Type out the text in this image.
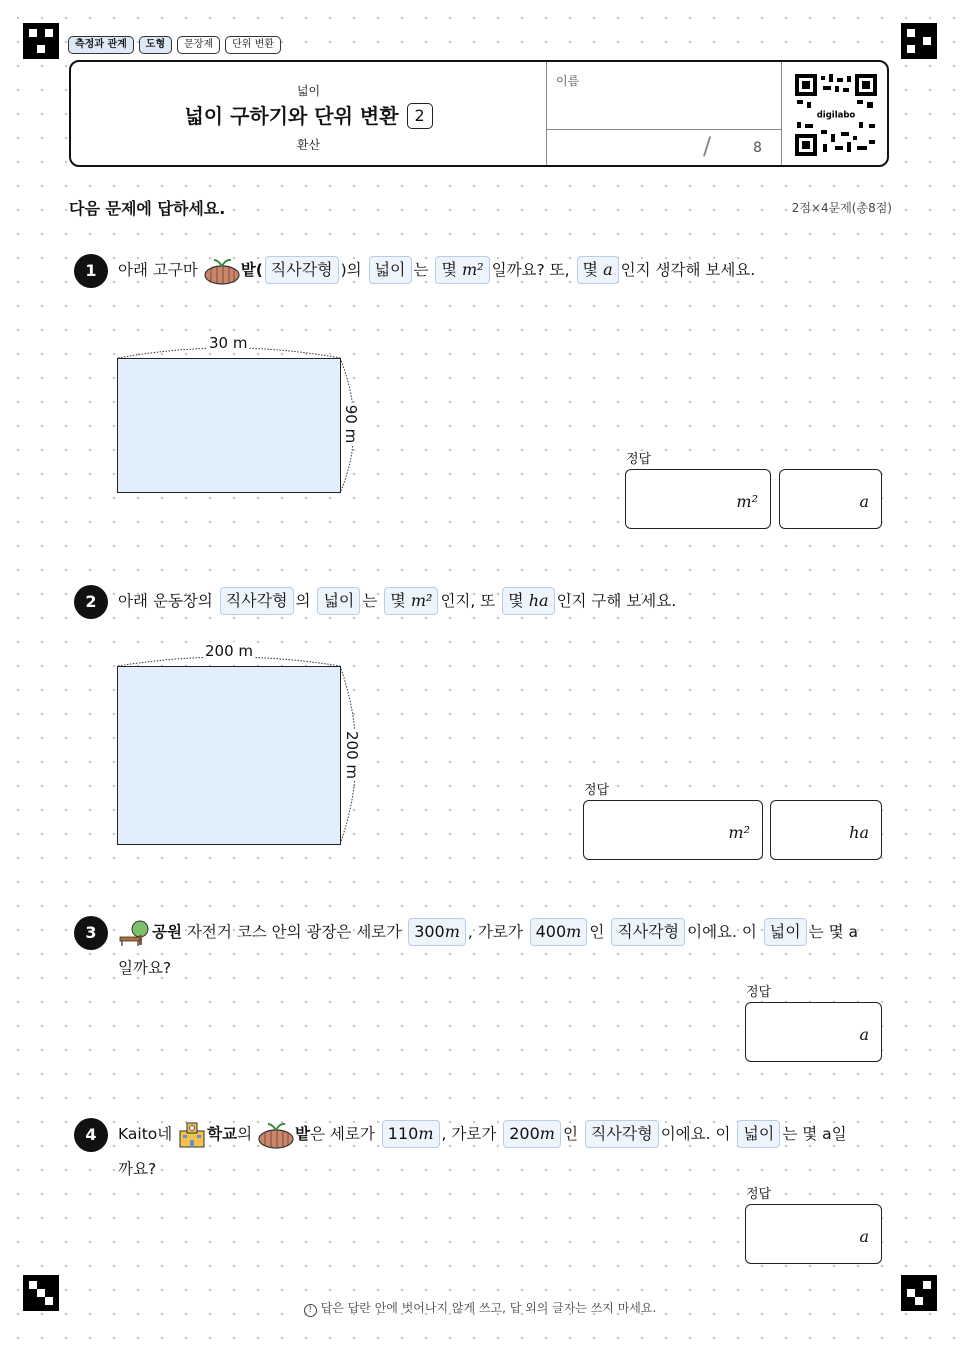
측정과 관계	도형	문장제	단위 변환
넓이
넓이 구하기와 단위 변환 2
환산
이름
/	8
digilabo
다음 문제에 답하세요.	2점×4문제(총8점)
1	아래 고구마	밭( 직사각형 )의 넓이 는 몇 m² 일까요? 또, 몇 a 인지 생각해 보세요.
30 m
90 m
정답
m²	a
2	아래 운동장의 직사각형 의 넓이 는 몇 m² 인지, 또 몇 ha 인지 구해 보세요.
200 m
200 m
정답
m²	ha
3	공원 자전거 코스 안의 광장은 세로가 300m , 가로가 400m 인 직사각형 이에요. 이 넓이 는 몇 a
일까요?
정답
a
4	Kaito네 학교의	밭은 세로가 110m , 가로가 200m 인 직사각형 이에요. 이 넓이 는 몇 a일
까요?
정답
a
! 답은 답란 안에 벗어나지 않게 쓰고, 답 외의 글자는 쓰지 마세요.
